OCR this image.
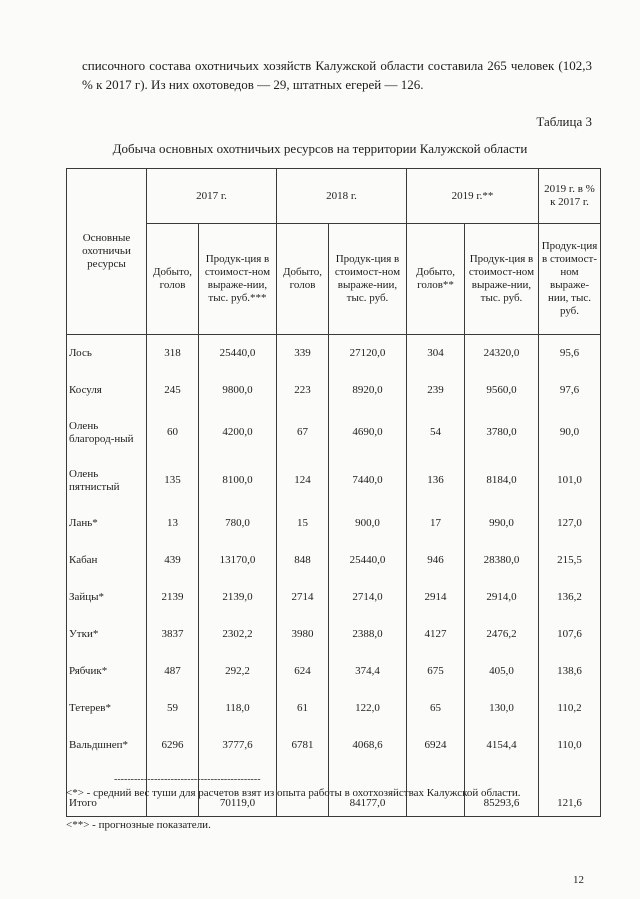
списочного состава охотничьих хозяйств Калужской области составила 265 человек (102,3 % к 2017 г). Из них охотоведов — 29, штатных егерей — 126.
Таблица 3
Добыча основных охотничьих ресурсов на территории Калужской области
Основные охотничьи ресурсы	2017 г.		2018 г.		2019 г.**		2019 г. в % к 2017 г.
	Добыто, голов	Продук-ция в стоимост-ном выраже-нии, тыс. руб.***	Добыто, голов	Продук-ция в стоимост-ном выраже-нии, тыс. руб.	Добыто, голов**	Продук-ция в стоимост-ном выраже-нии, тыс. руб.	Продук-ция в стоимост-ном выраже-нии, тыс. руб.
Лось	318	25440,0	339	27120,0	304	24320,0	95,6
Косуля	245	9800,0	223	8920,0	239	9560,0	97,6
Олень благород-ный	60	4200,0	67	4690,0	54	3780,0	90,0
Олень пятнистый	135	8100,0	124	7440,0	136	8184,0	101,0
Лань*	13	780,0	15	900,0	17	990,0	127,0
Кабан	439	13170,0	848	25440,0	946	28380,0	215,5
Зайцы*	2139	2139,0	2714	2714,0	2914	2914,0	136,2
Утки*	3837	2302,2	3980	2388,0	4127	2476,2	107,6
Рябчик*	487	292,2	624	374,4	675	405,0	138,6
Тетерев*	59	118,0	61	122,0	65	130,0	110,2
Вальдшнеп*	6296	3777,6	6781	4068,6	6924	4154,4	110,0
Итого		70119,0		84177,0		85293,6	121,6
--------------------------------------------
<*> - средний вес туши для расчетов взят из опыта работы в охотхозяйствах Калужской области.
<**> - прогнозные показатели.
12
